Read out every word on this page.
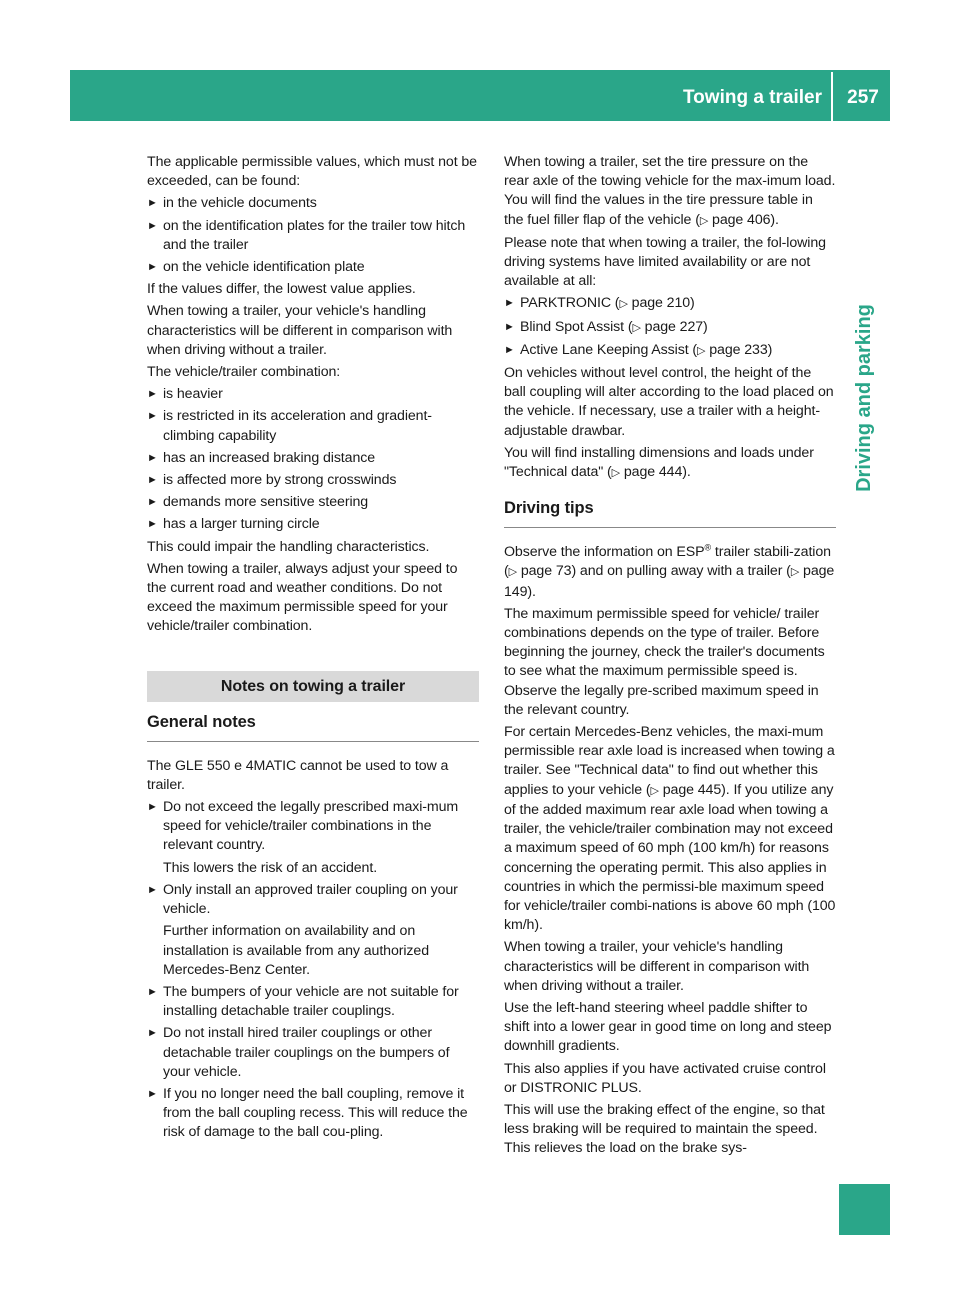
Towing a trailer	257
Driving and parking

The applicable permissible values, which must not be exceeded, can be found:

► in the vehicle documents
► on the identification plates for the trailer tow hitch and the trailer
► on the vehicle identification plate

If the values differ, the lowest value applies.

When towing a trailer, your vehicle's handling characteristics will be different in comparison with when driving without a trailer.

The vehicle/trailer combination:

► is heavier
► is restricted in its acceleration and gradient-climbing capability
► has an increased braking distance
► is affected more by strong crosswinds
► demands more sensitive steering
► has a larger turning circle

This could impair the handling characteristics.

When towing a trailer, always adjust your speed to the current road and weather conditions. Do not exceed the maximum permissible speed for your vehicle/trailer combination.

Notes on towing a trailer
General notes

The GLE 550 e 4MATIC cannot be used to tow a trailer.

► Do not exceed the legally prescribed maxi-mum speed for vehicle/trailer combinations in the relevant country.
This lowers the risk of an accident.
► Only install an approved trailer coupling on your vehicle.
Further information on availability and on installation is available from any authorized Mercedes-Benz Center.
► The bumpers of your vehicle are not suitable for installing detachable trailer couplings.
► Do not install hired trailer couplings or other detachable trailer couplings on the bumpers of your vehicle.
► If you no longer need the ball coupling, remove it from the ball coupling recess. This will reduce the risk of damage to the ball cou-pling.

When towing a trailer, set the tire pressure on the rear axle of the towing vehicle for the max-imum load. You will find the values in the tire pressure table in the fuel filler flap of the vehicle (▷ page 406).

Please note that when towing a trailer, the fol-lowing driving systems have limited availability or are not available at all:

► PARKTRONIC (▷ page 210)
► Blind Spot Assist (▷ page 227)
► Active Lane Keeping Assist (▷ page 233)

On vehicles without level control, the height of the ball coupling will alter according to the load placed on the vehicle. If necessary, use a trailer with a height-adjustable drawbar.

You will find installing dimensions and loads under "Technical data" (▷ page 444).

Driving tips

Observe the information on ESP® trailer stabili-zation (▷ page 73) and on pulling away with a trailer (▷ page 149).

The maximum permissible speed for vehicle/ trailer combinations depends on the type of trailer. Before beginning the journey, check the trailer's documents to see what the maximum permissible speed is. Observe the legally pre-scribed maximum speed in the relevant country.

For certain Mercedes-Benz vehicles, the maxi-mum permissible rear axle load is increased when towing a trailer. See "Technical data" to find out whether this applies to your vehicle (▷ page 445). If you utilize any of the added maximum rear axle load when towing a trailer, the vehicle/trailer combination may not exceed a maximum speed of 60 mph (100 km/h) for reasons concerning the operating permit. This also applies in countries in which the permissi-ble maximum speed for vehicle/trailer combi-nations is above 60 mph (100 km/h).

When towing a trailer, your vehicle's handling characteristics will be different in comparison with when driving without a trailer.

Use the left-hand steering wheel paddle shifter to shift into a lower gear in good time on long and steep downhill gradients.

This also applies if you have activated cruise control or DISTRONIC PLUS.

This will use the braking effect of the engine, so that less braking will be required to maintain the speed. This relieves the load on the brake sys-
